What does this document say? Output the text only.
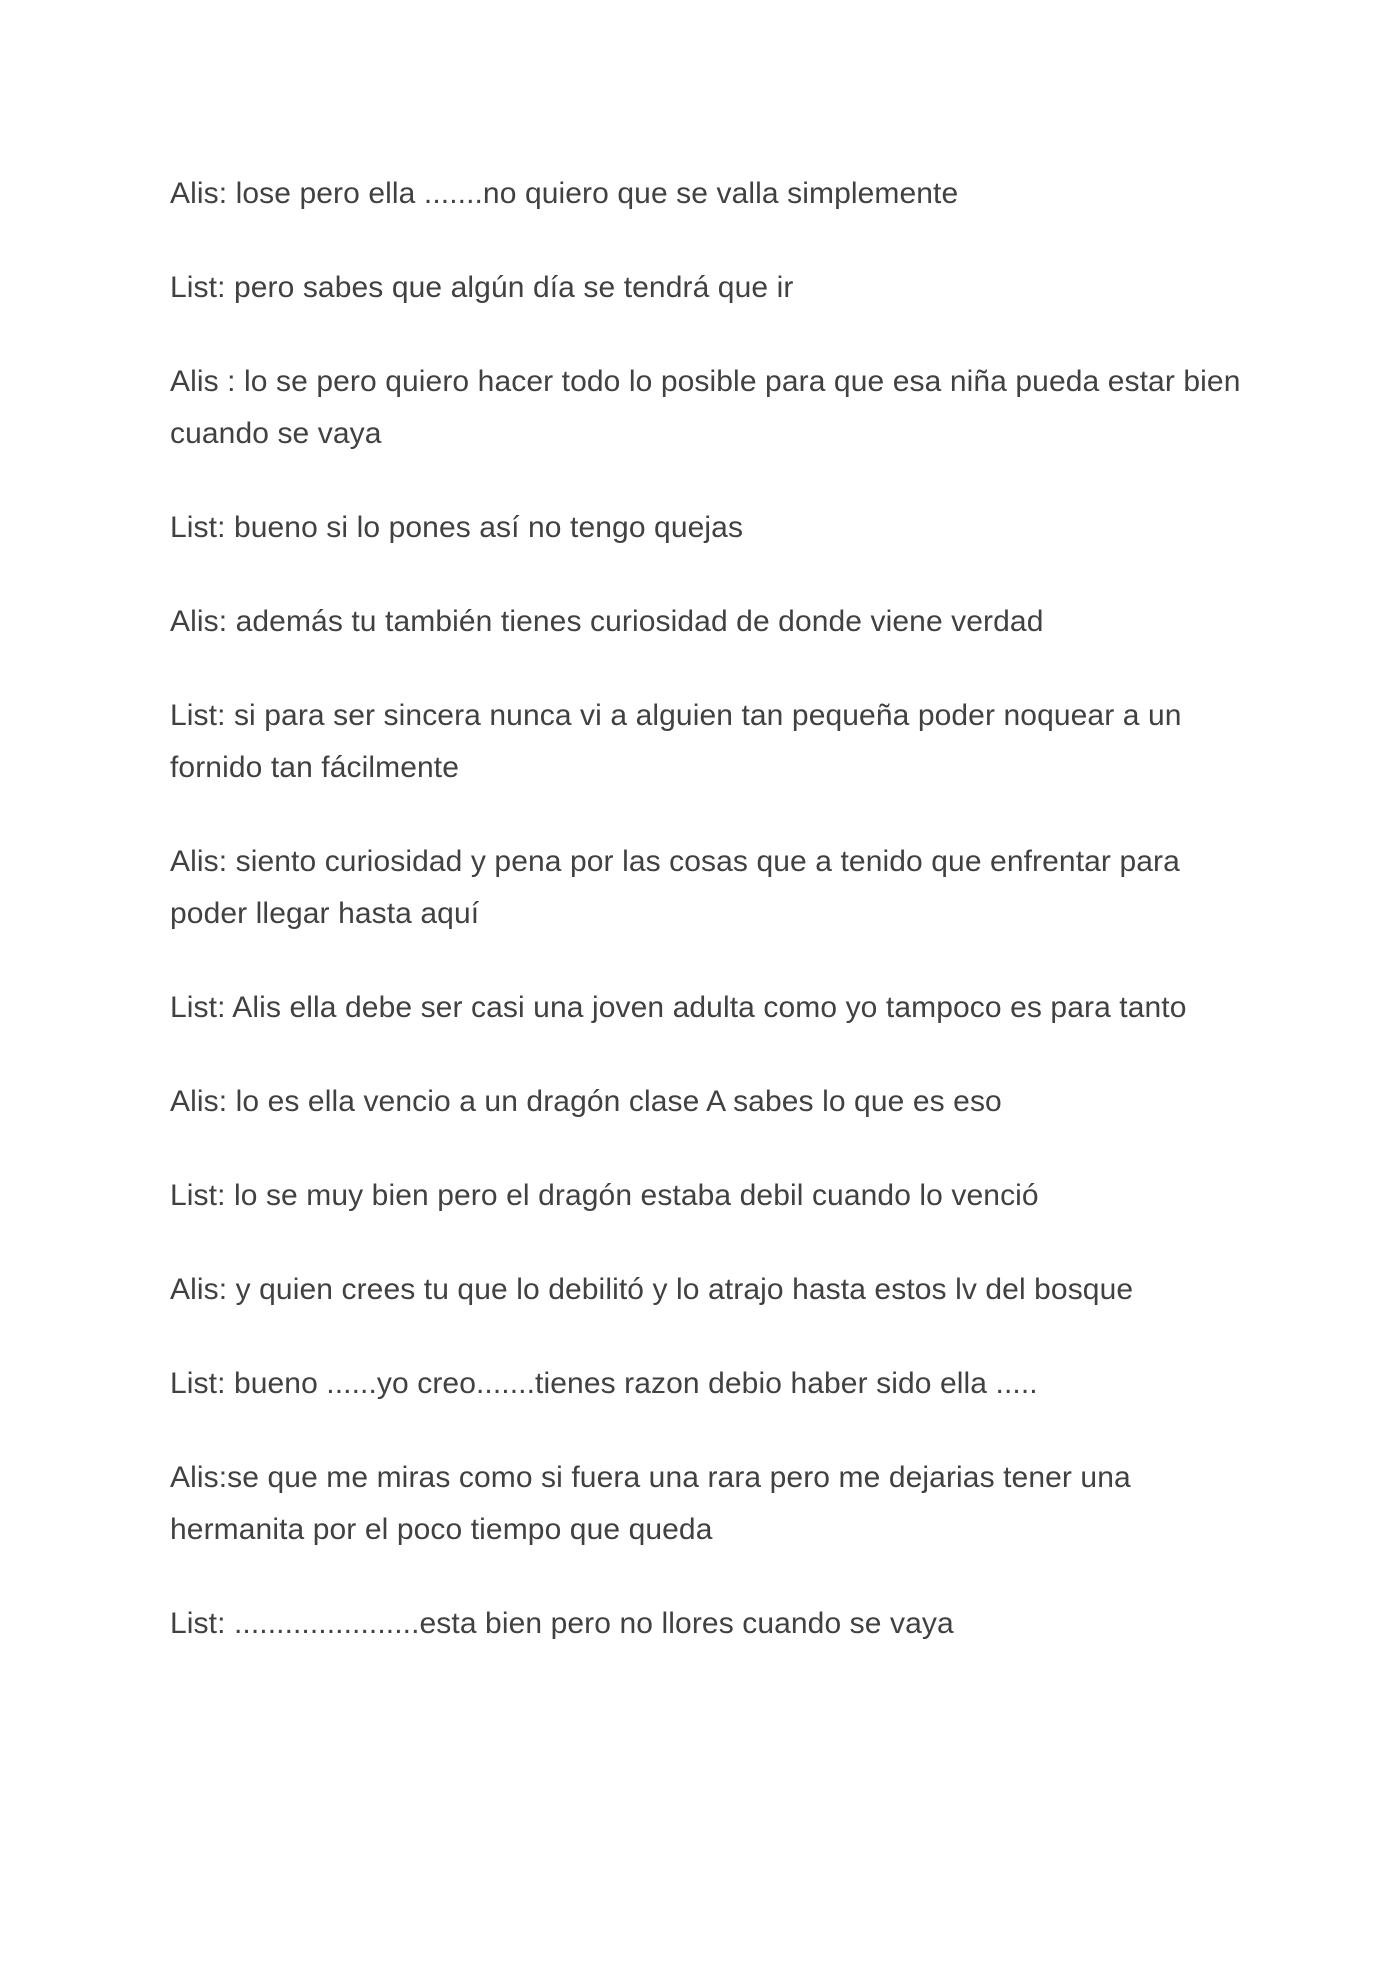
Alis: lose pero ella .......no quiero que se valla simplemente

List: pero sabes que algún día se tendrá que ir

Alis : lo se pero quiero hacer todo lo posible para que esa niña pueda estar bien cuando se vaya

List: bueno si lo pones así no tengo quejas

Alis: además tu también tienes curiosidad de donde viene verdad

List: si para ser sincera nunca vi a alguien tan pequeña poder noquear a un fornido tan fácilmente

Alis: siento curiosidad y pena por las cosas que a tenido que enfrentar para poder llegar hasta aquí

List: Alis ella debe ser casi una joven adulta como yo tampoco es para tanto

Alis: lo es ella vencio a un dragón clase A sabes lo que es eso

List: lo se muy bien pero el dragón estaba debil cuando lo venció

Alis: y quien crees tu que lo debilitó y lo atrajo hasta estos lv del bosque

List: bueno ......yo creo.......tienes razon debio haber sido ella .....

Alis:se que me miras como si fuera una rara pero me dejarias tener una hermanita por el poco tiempo que queda

List: ......................esta bien pero no llores cuando se vaya
